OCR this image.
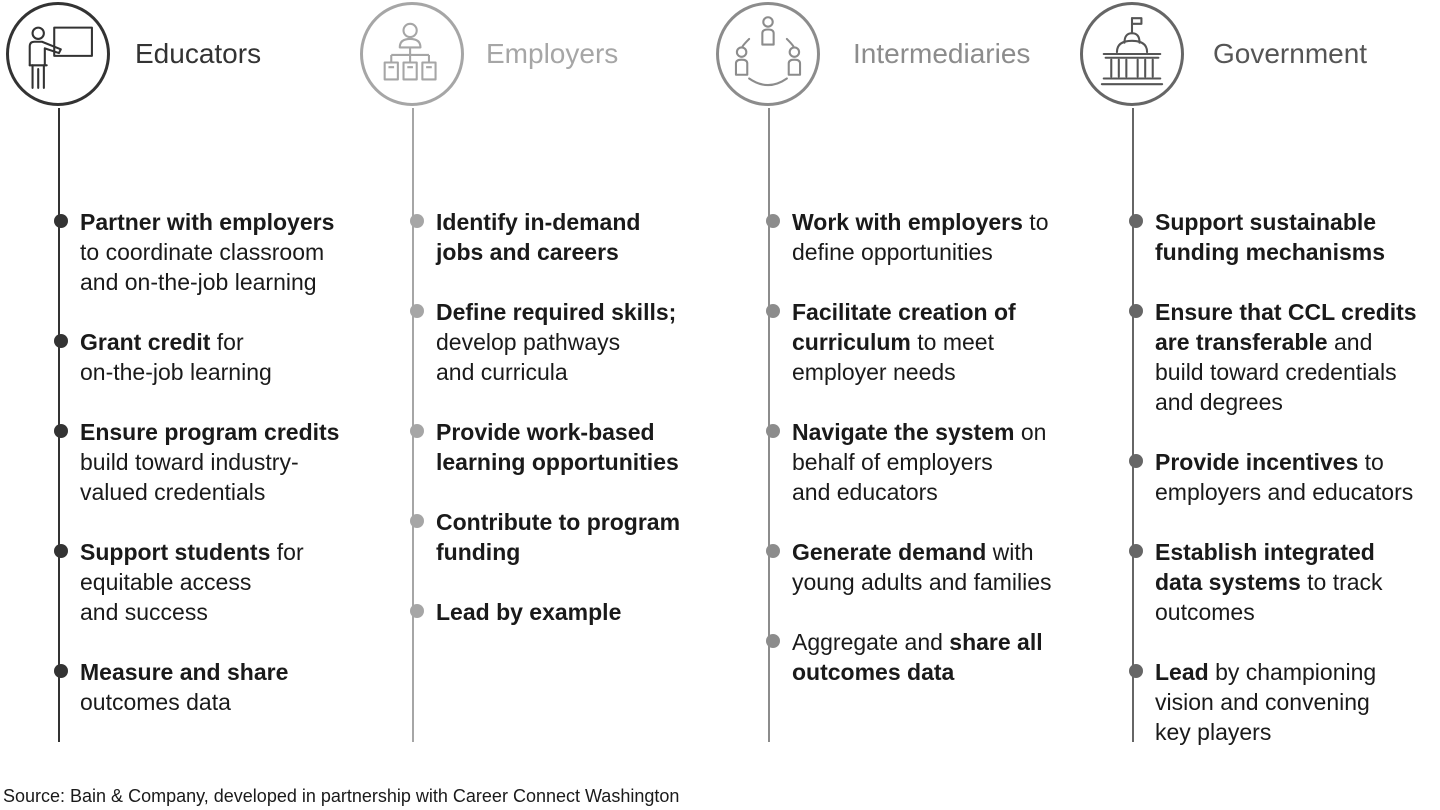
Educators
Partner with employers
to coordinate classroom
and on-the-job learning
Grant credit for
on-the-job learning
Ensure program credits
build toward industry-
valued credentials
Support students for
equitable access
and success
Measure and share
outcomes data
Employers
Identify in-demand
jobs and careers
Define required skills;
develop pathways
and curricula
Provide work-based
learning opportunities
Contribute to program
funding
Lead by example
Intermediaries
Work with employers to
define opportunities
Facilitate creation of
curriculum to meet
employer needs
Navigate the system on
behalf of employers
and educators
Generate demand with
young adults and families
Aggregate and share all
outcomes data
Government
Support sustainable
funding mechanisms
Ensure that CCL credits
are transferable and
build toward credentials
and degrees
Provide incentives to
employers and educators
Establish integrated
data systems to track
outcomes
Lead by championing
vision and convening
key players
Source: Bain & Company, developed in partnership with Career Connect Washington
